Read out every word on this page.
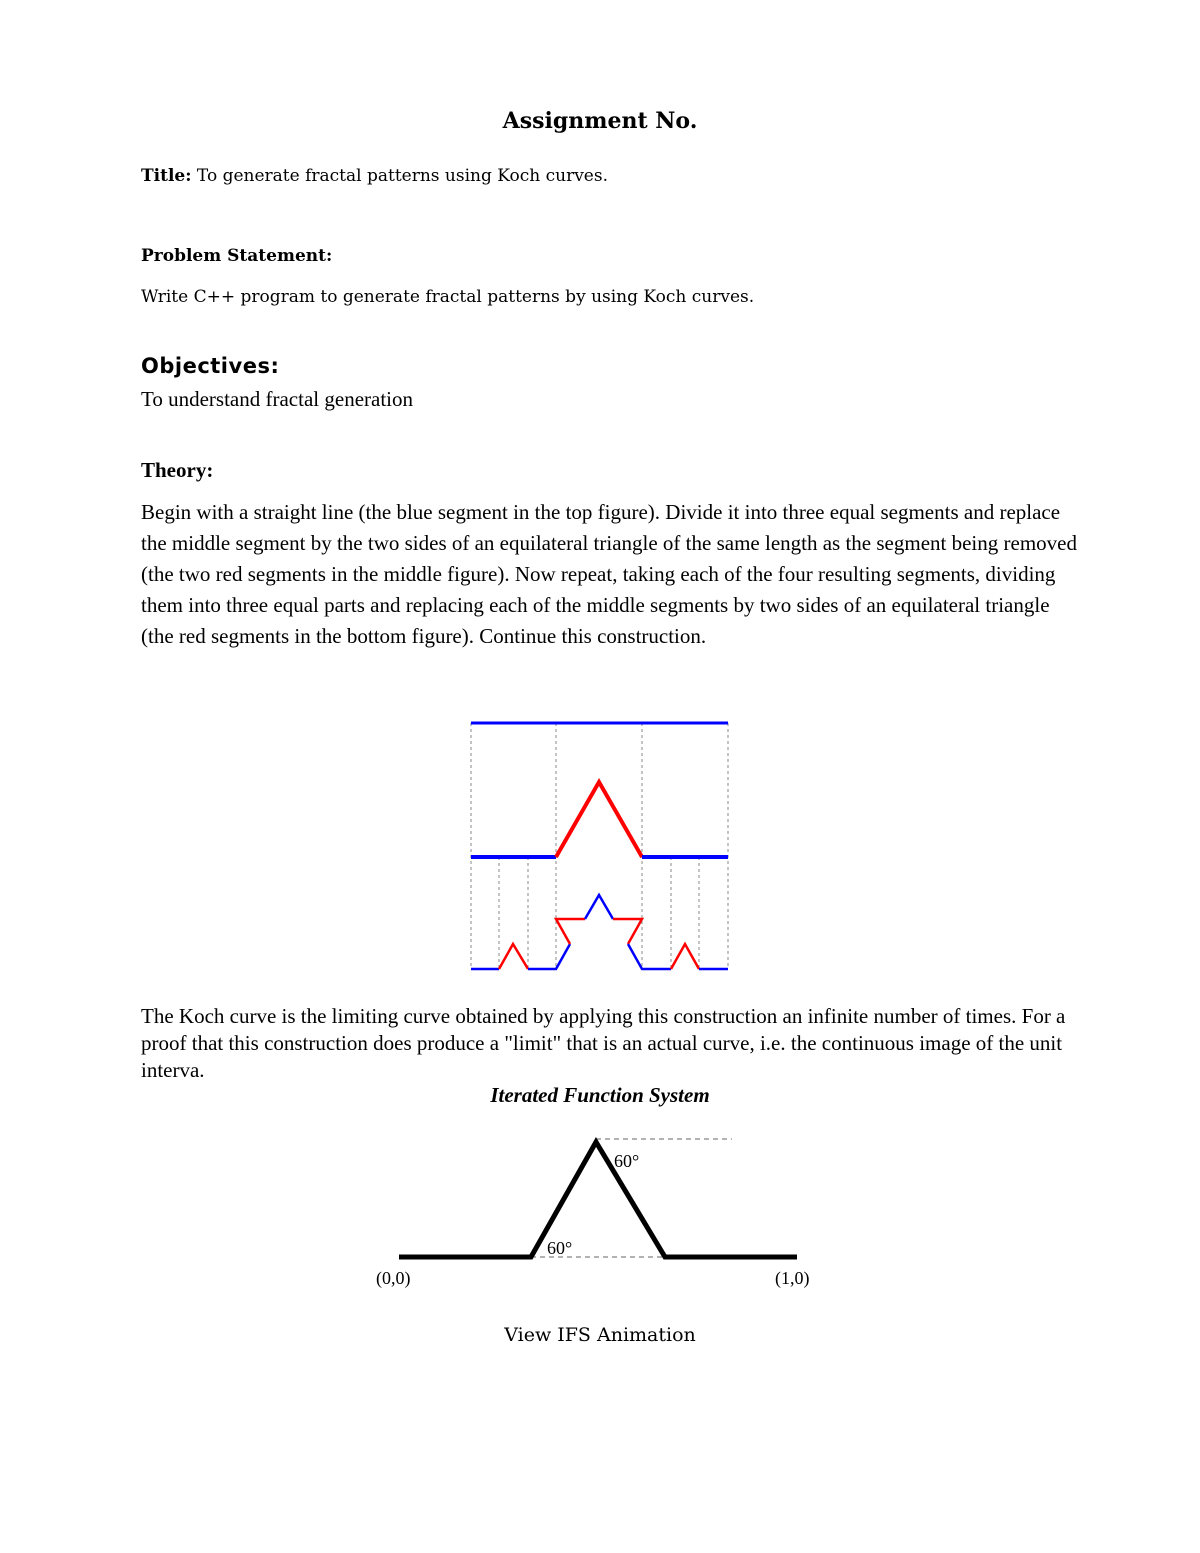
Assignment No.
Title: To generate fractal patterns using Koch curves.
Problem Statement:
Write C++ program to generate fractal patterns by using Koch curves.
Objectives:
To understand fractal generation
Theory:
Begin with a straight line (the blue segment in the top figure). Divide it into three equal segments and replace the middle segment by the two sides of an equilateral triangle of the same length as the segment being removed (the two red segments in the middle figure). Now repeat, taking each of the four resulting segments, dividing them into three equal parts and replacing each of the middle segments by two sides of an equilateral triangle (the red segments in the bottom figure). Continue this construction.
The Koch curve is the limiting curve obtained by applying this construction an infinite number of times. For a proof that this construction does produce a "limit" that is an actual curve, i.e. the continuous image of the unit interva.
Iterated Function System
60°
60°
(0,0)	(1,0)
View IFS Animation
